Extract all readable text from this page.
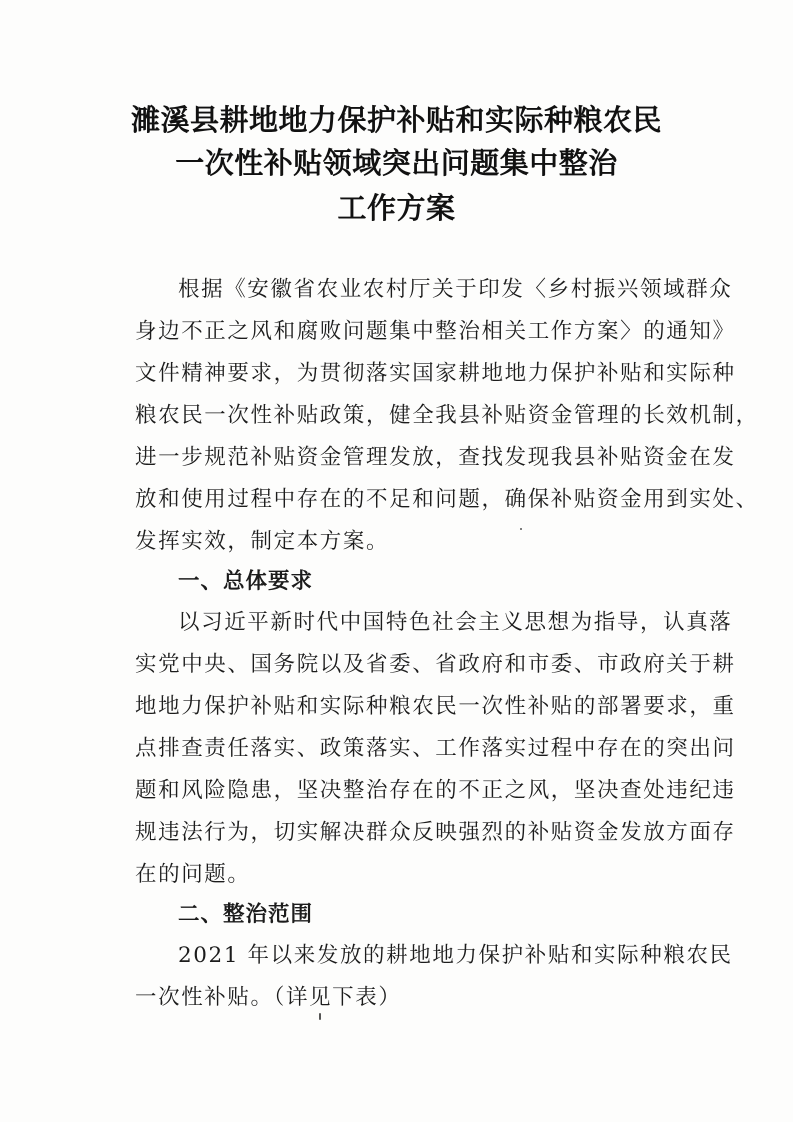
濉溪县耕地地力保护补贴和实际种粮农民
一次性补贴领域突出问题集中整治
工作方案
根据《安徽省农业农村厅关于印发〈乡村振兴领域群众
身边不正之风和腐败问题集中整治相关工作方案〉的通知》
文件精神要求，为贯彻落实国家耕地地力保护补贴和实际种
粮农民一次性补贴政策，健全我县补贴资金管理的长效机制，
进一步规范补贴资金管理发放，查找发现我县补贴资金在发
放和使用过程中存在的不足和问题，确保补贴资金用到实处、
发挥实效，制定本方案。
一、总体要求
以习近平新时代中国特色社会主义思想为指导，认真落
实党中央、国务院以及省委、省政府和市委、市政府关于耕
地地力保护补贴和实际种粮农民一次性补贴的部署要求，重
点排查责任落实、政策落实、工作落实过程中存在的突出问
题和风险隐患，坚决整治存在的不正之风，坚决查处违纪违
规违法行为，切实解决群众反映强烈的补贴资金发放方面存
在的问题。
二、整治范围
2021 年以来发放的耕地地力保护补贴和实际种粮农民
一次性补贴。（详见下表）
